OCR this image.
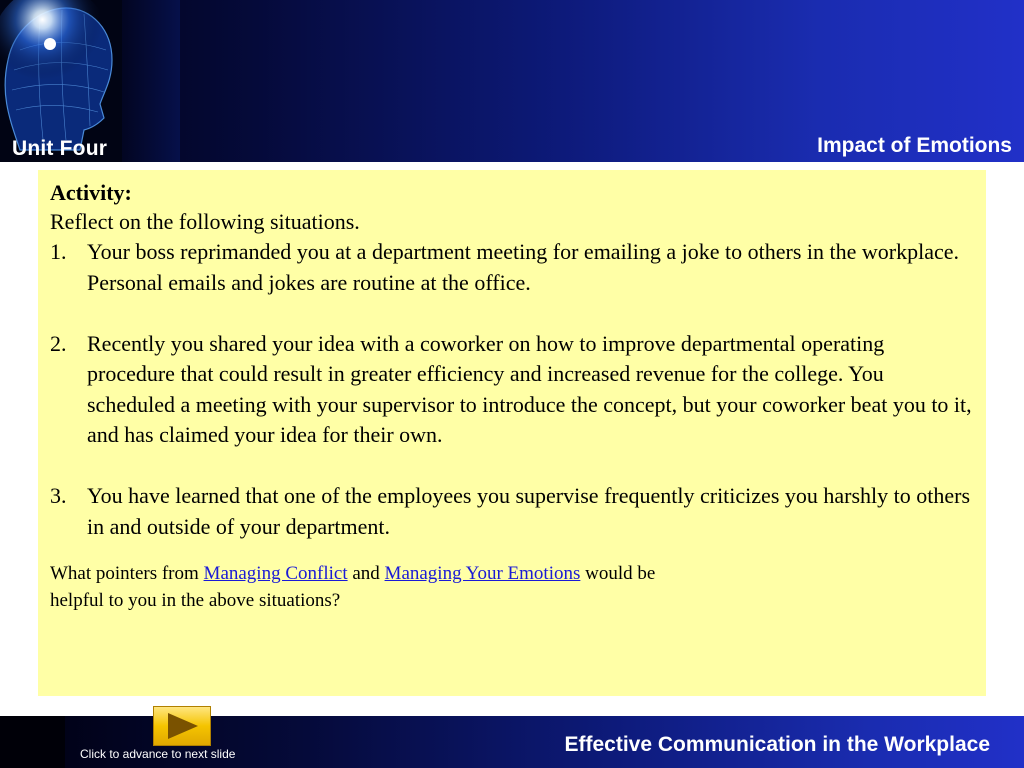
Unit Four	Impact of Emotions

Activity:

Reflect on the following situations.

1. Your boss reprimanded you at a department meeting for emailing a joke to others in the workplace. Personal emails and jokes are routine at the office.
2. Recently you shared your idea with a coworker on how to improve departmental operating procedure that could result in greater efficiency and increased revenue for the college. You scheduled a meeting with your supervisor to introduce the concept, but your coworker beat you to it, and has claimed your idea for their own.
3. You have learned that one of the employees you supervise frequently criticizes you harshly to others in and outside of your department.

What pointers from Managing Conflict and Managing Your Emotions would be
helpful to you in the above situations?

Click to advance to next slide	Effective Communication in the Workplace
